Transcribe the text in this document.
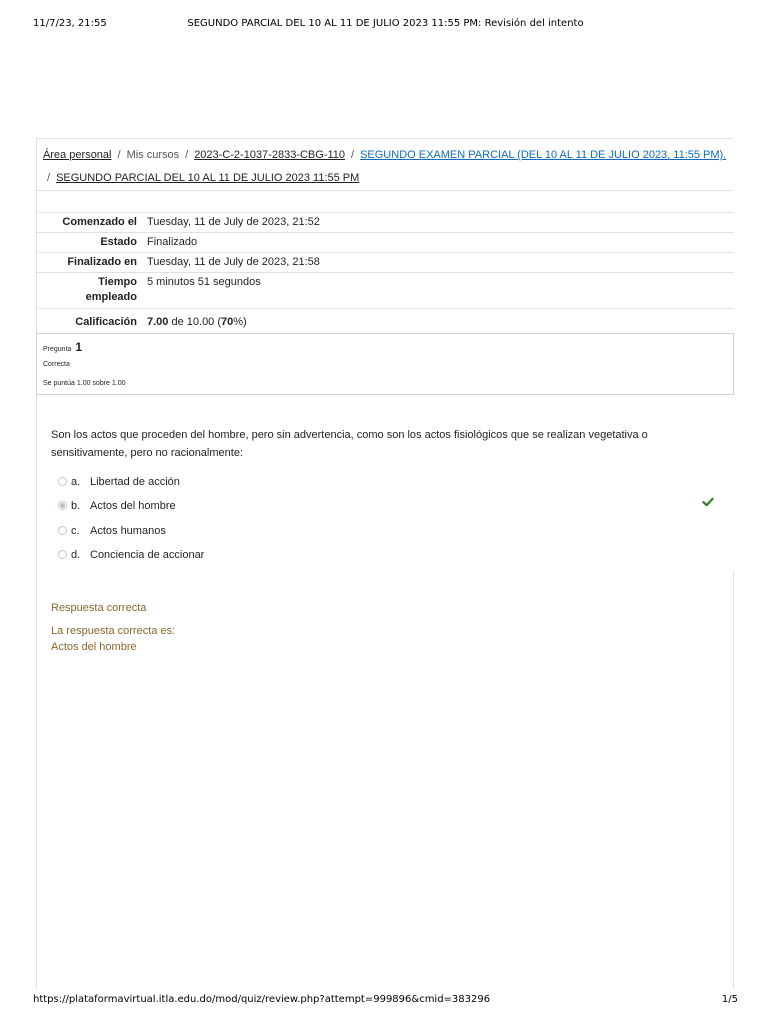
11/7/23, 21:55	SEGUNDO PARCIAL DEL 10 AL 11 DE JULIO 2023 11:55 PM: Revisión del intento
Área personal / Mis cursos / 2023-C-2-1037-2833-CBG-110 / SEGUNDO EXAMEN PARCIAL (DEL 10 AL 11 DE JULIO 2023, 11:55 PM).
/ SEGUNDO PARCIAL DEL 10 AL 11 DE JULIO 2023 11:55 PM
Comenzado el	Tuesday, 11 de July de 2023, 21:52
Estado	Finalizado
Finalizado en	Tuesday, 11 de July de 2023, 21:58
Tiempo
empleado	5 minutos 51 segundos
Calificación	7.00 de 10.00 (70%)
Pregunta 1
Correcta
Se puntúa 1.00 sobre 1.00
Son los actos que proceden del hombre, pero sin advertencia, como son los actos fisiológicos que se realizan vegetativa o sensitivamente, pero no racionalmente:
a. Libertad de acción
b. Actos del hombre
c. Actos humanos
d. Conciencia de accionar
Respuesta correcta
La respuesta correcta es:
Actos del hombre
https://plataformavirtual.itla.edu.do/mod/quiz/review.php?attempt=999896&cmid=383296	1/5
